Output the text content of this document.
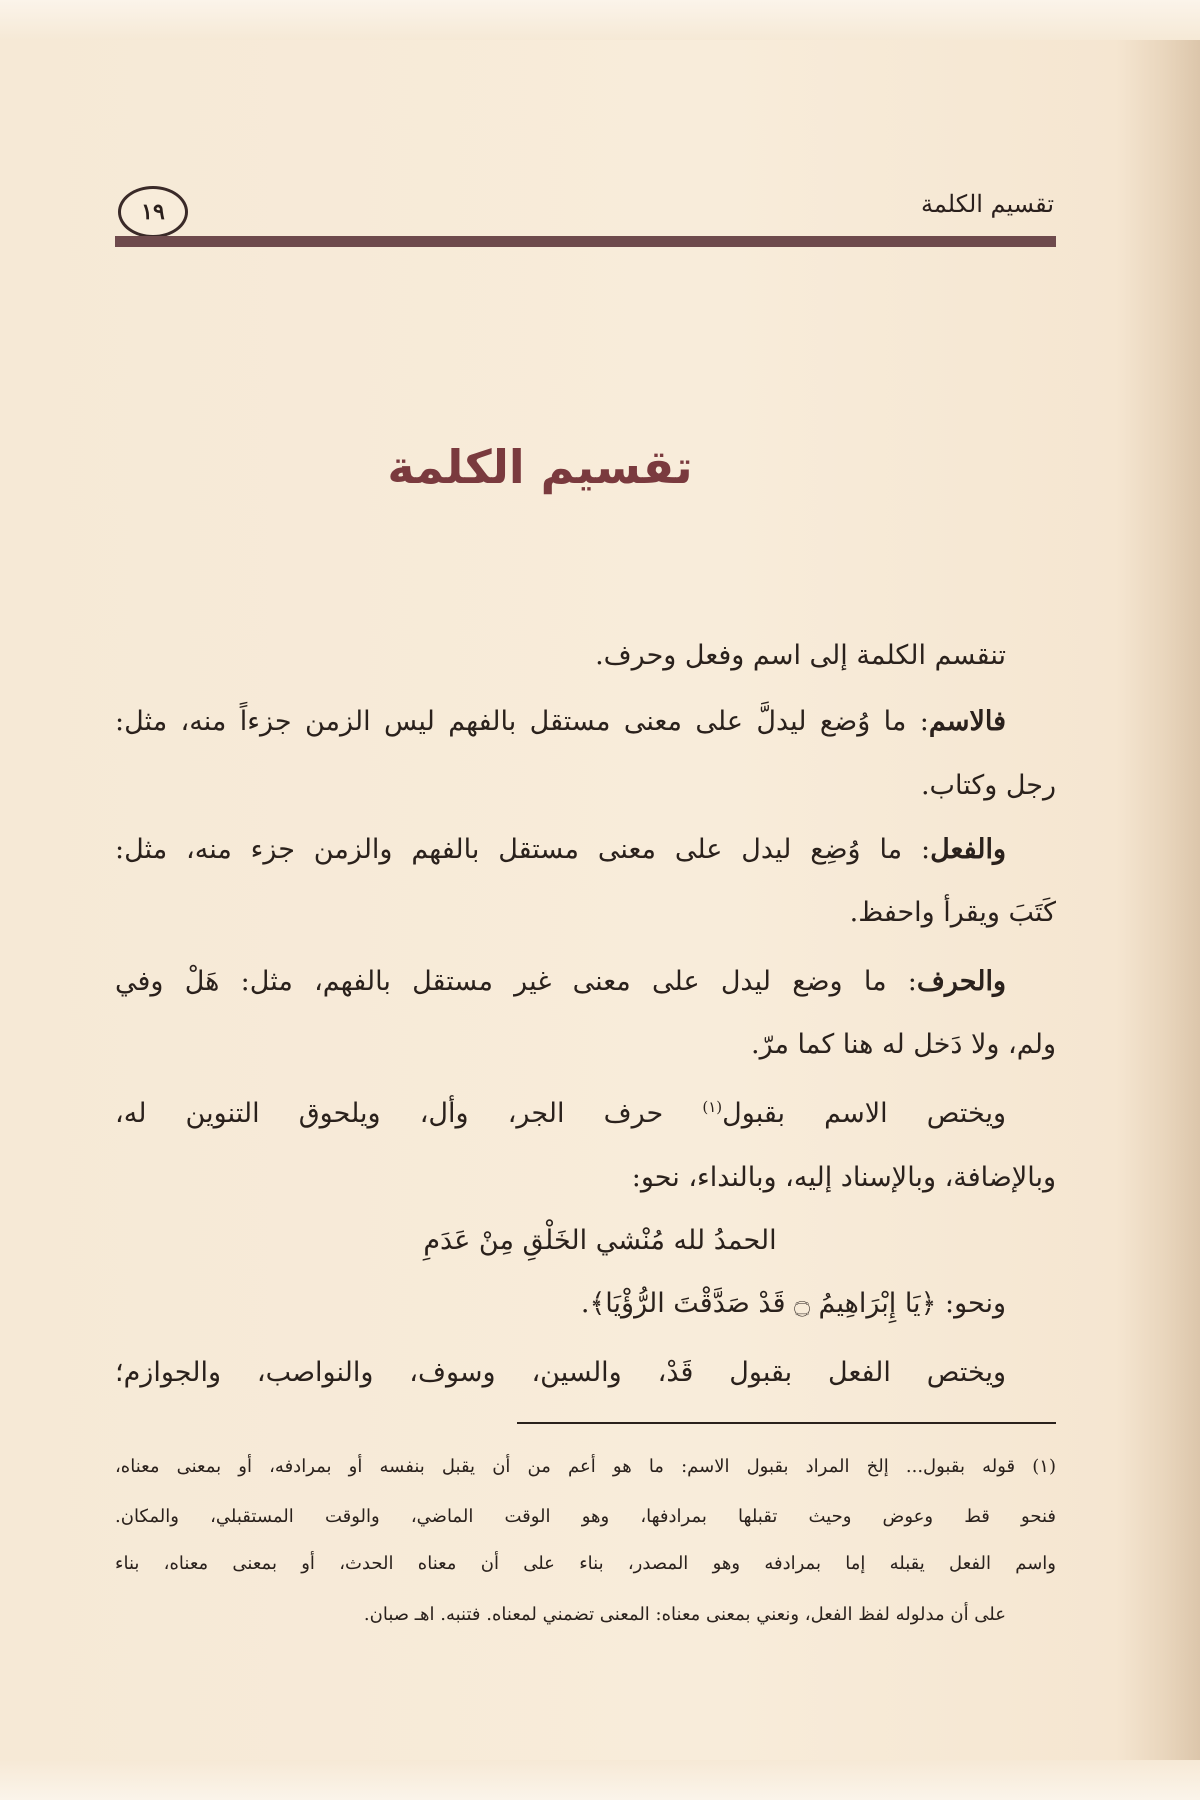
١٩	تقسيم الكلمة
تقسيم الكلمة
تنقسم الكلمة إلى اسم وفعل وحرف.
فالاسم: ما وُضع ليدلَّ على معنى مستقل بالفهم ليس الزمن جزءاً منه، مثل:
رجل وكتاب.
والفعل: ما وُضِع ليدل على معنى مستقل بالفهم والزمن جزء منه، مثل:
كَتَبَ ويقرأ واحفظ.
والحرف: ما وضع ليدل على معنى غير مستقل بالفهم، مثل: هَلْ وفي
ولم، ولا دَخل له هنا كما مرّ.
ويختص الاسم بقبول$^{(١)}$ حرف الجر، وأل، ويلحوق التنوين له،
وبالإضافة، وبالإسناد إليه، وبالنداء، نحو:
الحمدُ لله مُنْشي الخَلْقِ مِنْ عَدَمِ
ونحو: ﴿يَا إِبْرَاهِيمُ ۝ قَدْ صَدَّقْتَ الرُّؤْيَا﴾.
ويختص الفعل بقبول قَدْ، والسين، وسوف، والنواصب، والجوازم؛
(١) قوله بقبول... إلخ المراد بقبول الاسم: ما هو أعم من أن يقبل بنفسه أو بمرادفه، أو بمعنى معناه،
فنحو قط وعوض وحيث تقبلها بمرادفها، وهو الوقت الماضي، والوقت المستقبلي، والمكان.
واسم الفعل يقبله إما بمرادفه وهو المصدر، بناء على أن معناه الحدث، أو بمعنى معناه، بناء
على أن مدلوله لفظ الفعل، ونعني بمعنى معناه: المعنى تضمني لمعناه. فتنبه. اهـ صبان.
